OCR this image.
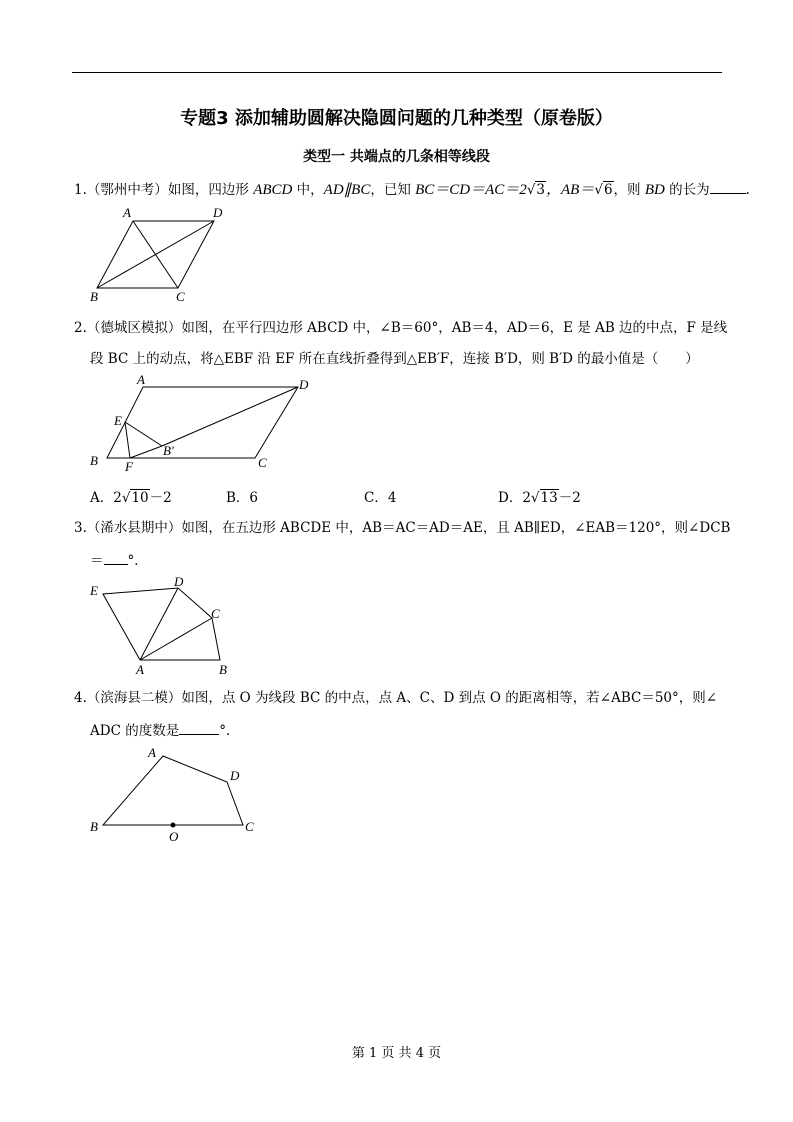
专题3 添加辅助圆解决隐圆问题的几种类型（原卷版）
类型一 共端点的几条相等线段
1.（鄂州中考）如图，四边形 ABCD 中，AD∥BC，已知 BC＝CD＝AC＝2√3，AB＝√6，则 BD 的长为	.
2.（德城区模拟）如图，在平行四边形 ABCD 中，∠B＝60°，AB＝4，AD＝6，E 是 AB 边的中点，F 是线
段 BC 上的动点，将△EBF 沿 EF 所在直线折叠得到△EB′F，连接 B′D，则 B′D 的最小值是（　　）
A．2√10－2	B．6	C．4	D．2√13－2
3.（浠水县期中）如图，在五边形 ABCDE 中，AB＝AC＝AD＝AE，且 AB∥ED，∠EAB＝120°，则∠DCB
＝ °．
4.（滨海县二模）如图，点 O 为线段 BC 的中点，点 A、C、D 到点 O 的距离相等，若∠ABC＝50°，则∠
ADC 的度数是	°．
A	D
B	C
A	D
B	C
E
F
B′
E
D
C
B
A
A
D
C
B
O
第 1 页 共 4 页
